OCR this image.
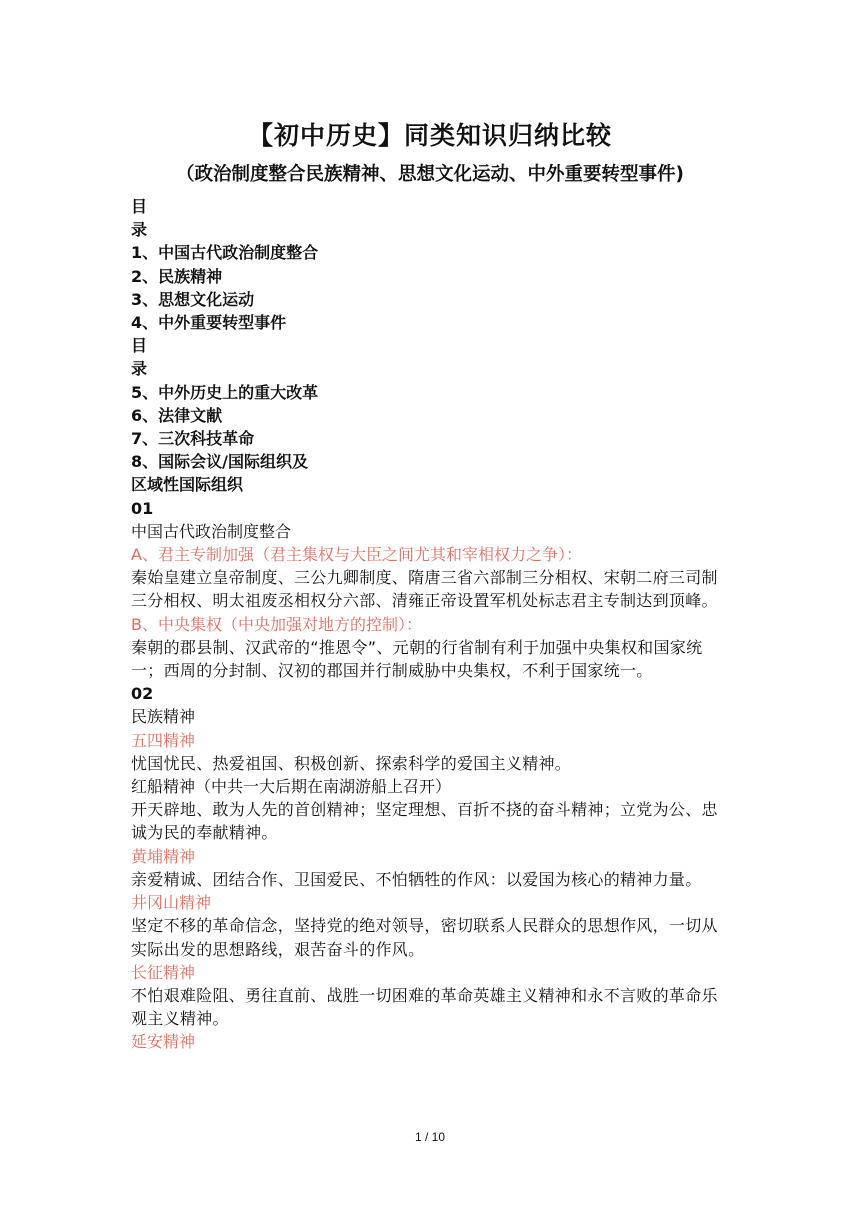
【初中历史】同类知识归纳比较
（政治制度整合民族精神、思想文化运动、中外重要转型事件)
目
录
1、中国古代政治制度整合
2、民族精神
3、思想文化运动
4、中外重要转型事件
目
录
5、中外历史上的重大改革
6、法律文献
7、三次科技革命
8、国际会议/国际组织及
区域性国际组织
01
中国古代政治制度整合
A、君主专制加强（君主集权与大臣之间尤其和宰相权力之争）：
秦始皇建立皇帝制度、三公九卿制度、隋唐三省六部制三分相权、宋朝二府三司制三分相权、明太祖废丞相权分六部、清雍正帝设置军机处标志君主专制达到顶峰。
B、中央集权（中央加强对地方的控制）：
秦朝的郡县制、汉武帝的“推恩令”、元朝的行省制有利于加强中央集权和国家统一；西周的分封制、汉初的郡国并行制威胁中央集权，不利于国家统一。
02
民族精神
五四精神
忧国忧民、热爱祖国、积极创新、探索科学的爱国主义精神。
红船精神（中共一大后期在南湖游船上召开）
开天辟地、敢为人先的首创精神；坚定理想、百折不挠的奋斗精神；立党为公、忠诚为民的奉献精神。
黄埔精神
亲爱精诚、团结合作、卫国爱民、不怕牺牲的作风：以爱国为核心的精神力量。
井冈山精神
坚定不移的革命信念，坚持党的绝对领导，密切联系人民群众的思想作风，一切从实际出发的思想路线，艰苦奋斗的作风。
长征精神
不怕艰难险阻、勇往直前、战胜一切困难的革命英雄主义精神和永不言败的革命乐观主义精神。
延安精神
1 / 10
